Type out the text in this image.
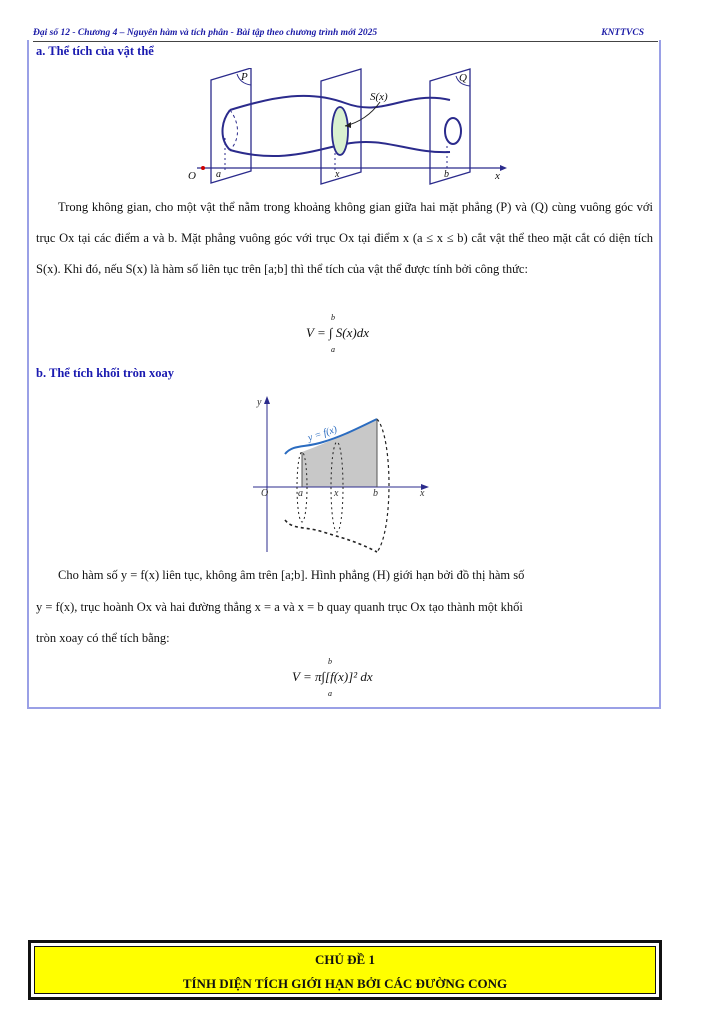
Đại số 12 - Chương 4 – Nguyên hàm và tích phân - Bài tập theo chương trình mới 2025	KNTTVCS
a. Thể tích của vật thể
P	Q
S(x)
O a	x	b	x

Trong không gian, cho một vật thể nằm trong khoảng không gian giữa hai mặt phẳng (P) và (Q) cùng vuông góc với trục Ox tại các điểm a và b. Mặt phẳng vuông góc với trục Ox tại điểm x (a ≤ x ≤ b) cắt vật thể theo mặt cắt có diện tích S(x). Khi đó, nếu S(x) là hàm số liên tục trên [a;b] thì thể tích của vật thể được tính bởi công thức:

b
V = ∫ S(x)dx
a
b. Thể tích khối tròn xoay
y
y = f(x)
O	a	x	b	x
Cho hàm số y = f(x) liên tục, không âm trên [a;b]. Hình phẳng (H) giới hạn bởi đồ thị hàm số
y = f(x), trục hoành Ox và hai đường thẳng x = a và x = b quay quanh trục Ox tạo thành một khối
tròn xoay có thể tích bằng:
b
V = π∫[f(x)]² dx
a
CHỦ ĐỀ 1
TÍNH DIỆN TÍCH GIỚI HẠN BỞI CÁC ĐƯỜNG CONG
